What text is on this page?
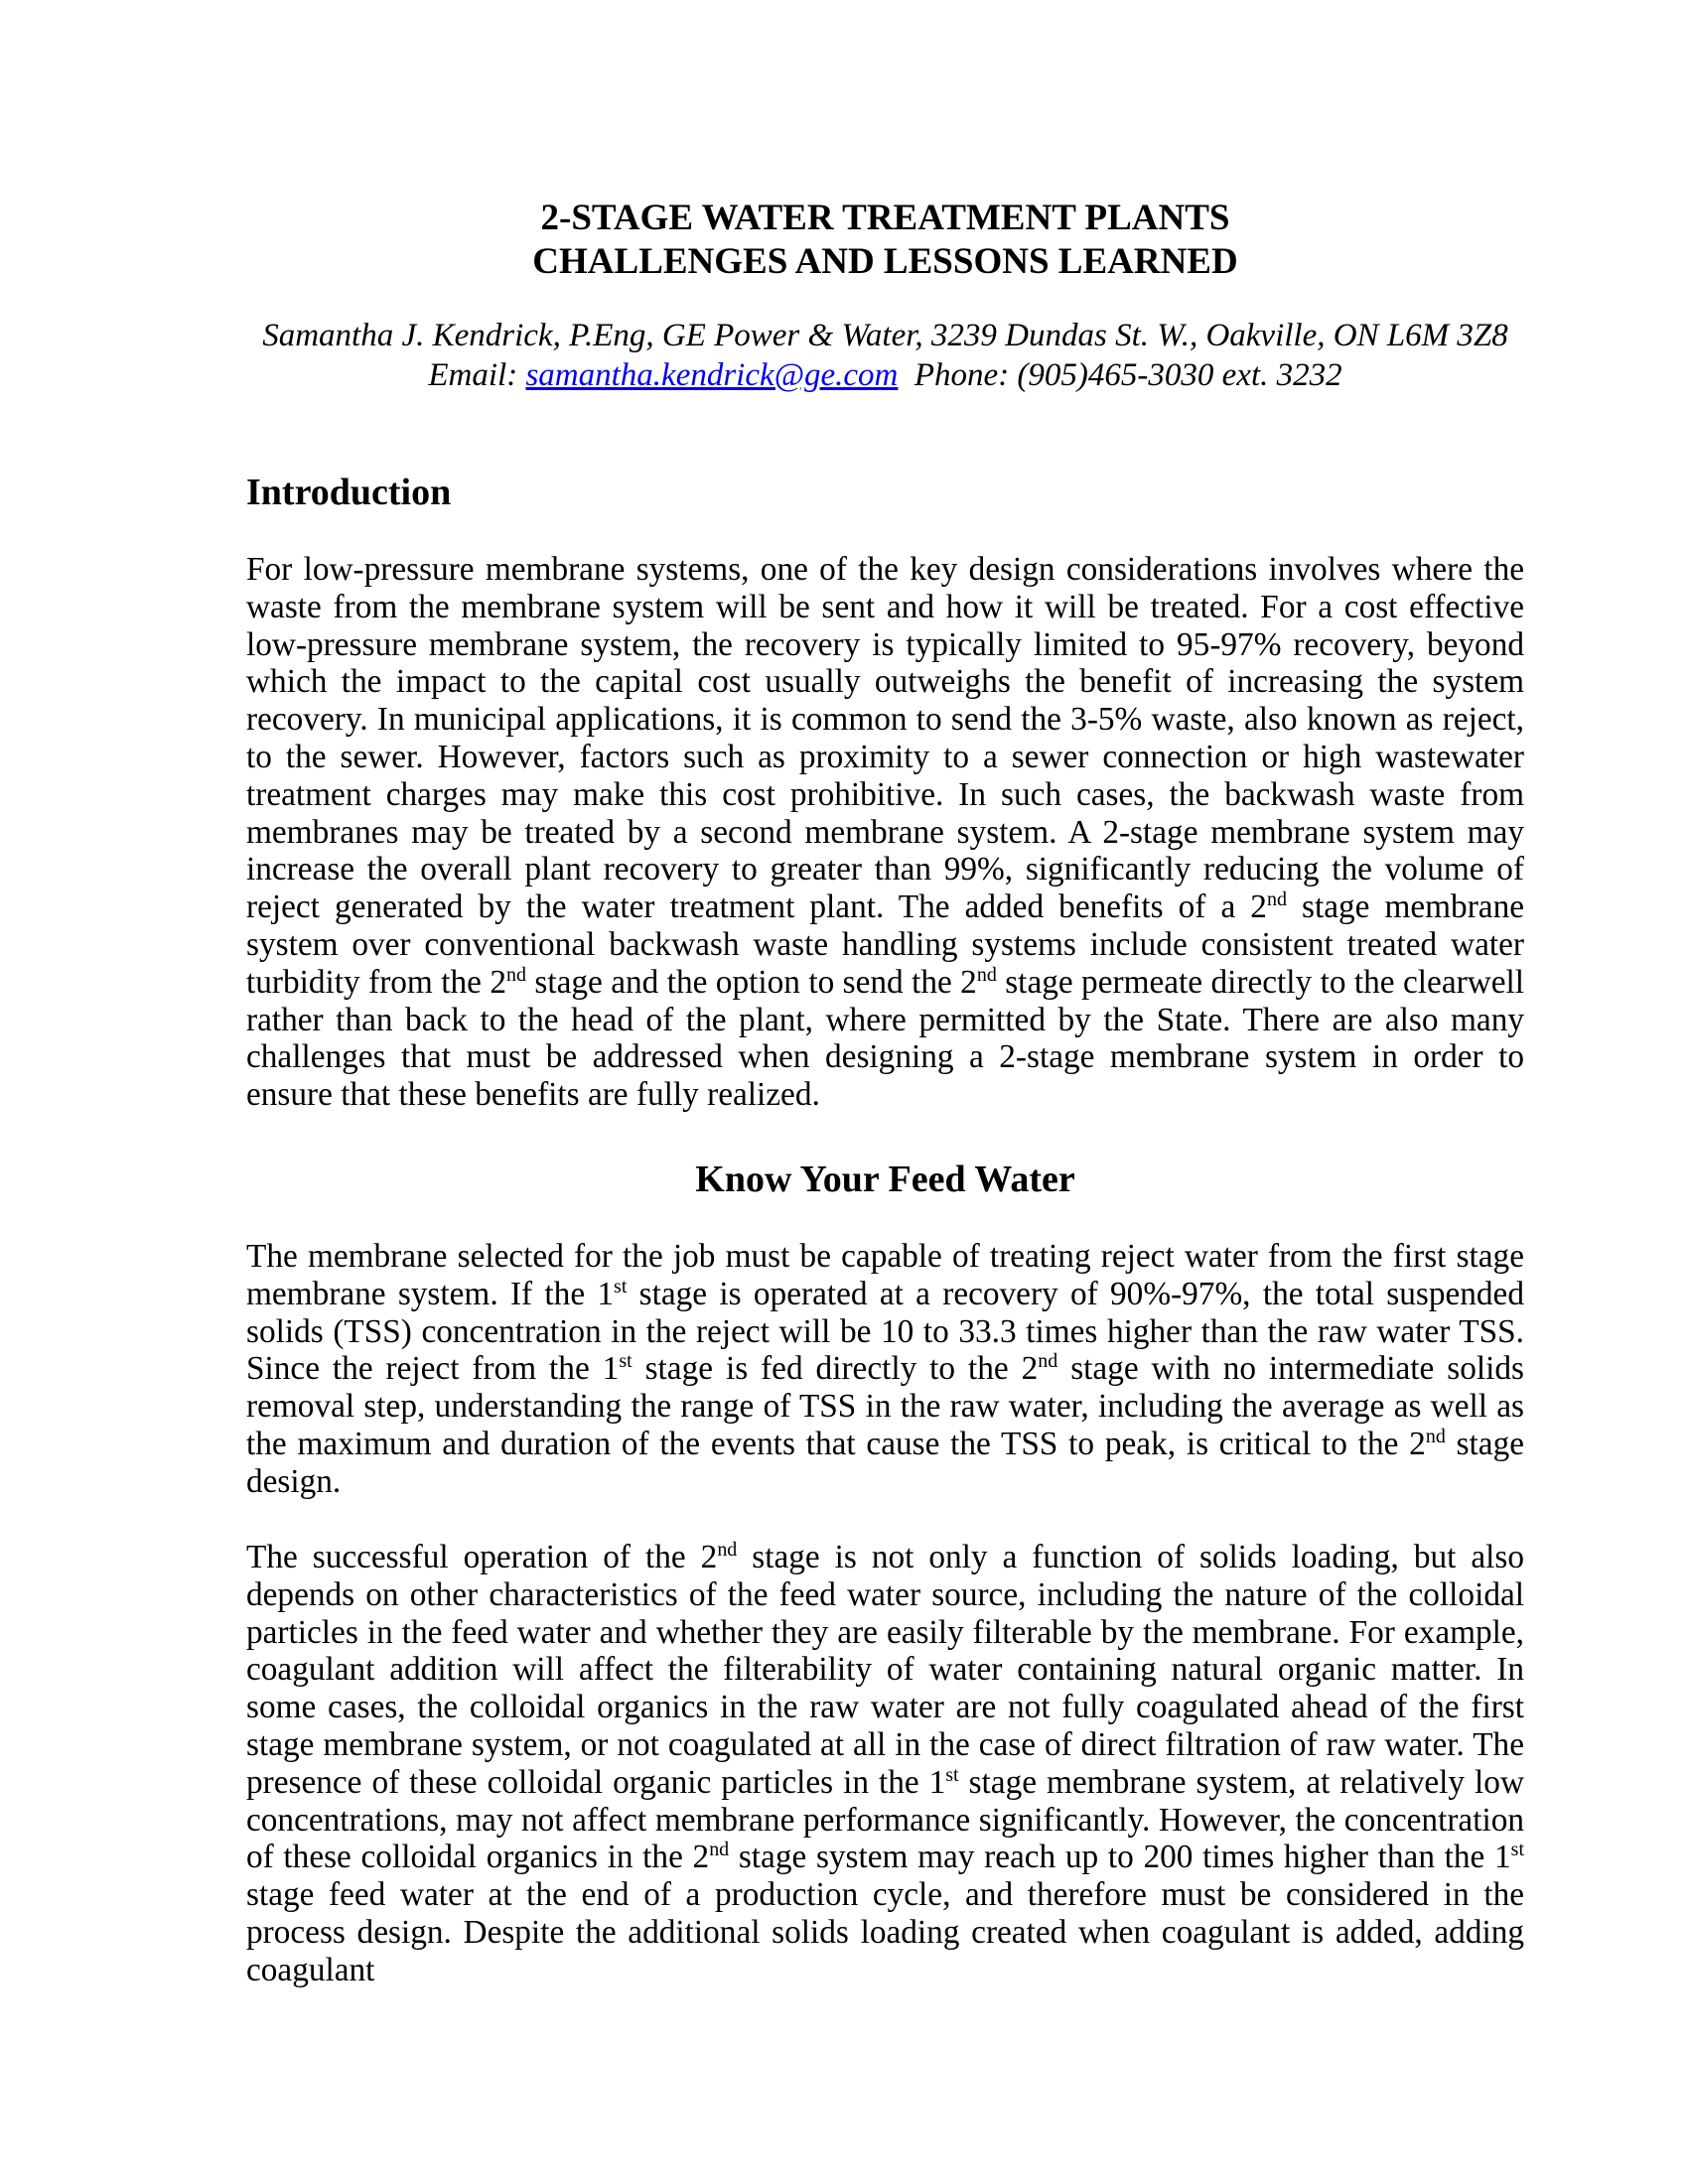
2-STAGE WATER TREATMENT PLANTS
CHALLENGES AND LESSONS LEARNED
Samantha J. Kendrick, P.Eng, GE Power & Water, 3239 Dundas St. W., Oakville, ON L6M 3Z8
Email: samantha.kendrick@ge.com  Phone: (905)465-3030 ext. 3232
Introduction

For low-pressure membrane systems, one of the key design considerations involves where the waste from the membrane system will be sent and how it will be treated. For a cost effective low-pressure membrane system, the recovery is typically limited to 95-97% recovery, beyond which the impact to the capital cost usually outweighs the benefit of increasing the system recovery. In municipal applications, it is common to send the 3-5% waste, also known as reject, to the sewer. However, factors such as proximity to a sewer connection or high wastewater treatment charges may make this cost prohibitive. In such cases, the backwash waste from membranes may be treated by a second membrane system. A 2-stage membrane system may increase the overall plant recovery to greater than 99%, significantly reducing the volume of reject generated by the water treatment plant. The added benefits of a 2nd stage membrane system over conventional backwash waste handling systems include consistent treated water turbidity from the 2nd stage and the option to send the 2nd stage permeate directly to the clearwell rather than back to the head of the plant, where permitted by the State. There are also many challenges that must be addressed when designing a 2-stage membrane system in order to ensure that these benefits are fully realized.

Know Your Feed Water

The membrane selected for the job must be capable of treating reject water from the first stage membrane system. If the 1st stage is operated at a recovery of 90%-97%, the total suspended solids (TSS) concentration in the reject will be 10 to 33.3 times higher than the raw water TSS. Since the reject from the 1st stage is fed directly to the 2nd stage with no intermediate solids removal step, understanding the range of TSS in the raw water, including the average as well as the maximum and duration of the events that cause the TSS to peak, is critical to the 2nd stage design.

The successful operation of the 2nd stage is not only a function of solids loading, but also depends on other characteristics of the feed water source, including the nature of the colloidal particles in the feed water and whether they are easily filterable by the membrane. For example, coagulant addition will affect the filterability of water containing natural organic matter. In some cases, the colloidal organics in the raw water are not fully coagulated ahead of the first stage membrane system, or not coagulated at all in the case of direct filtration of raw water. The presence of these colloidal organic particles in the 1st stage membrane system, at relatively low concentrations, may not affect membrane performance significantly. However, the concentration of these colloidal organics in the 2nd stage system may reach up to 200 times higher than the 1st stage feed water at the end of a production cycle, and therefore must be considered in the process design. Despite the additional solids loading created when coagulant is added, adding coagulant
